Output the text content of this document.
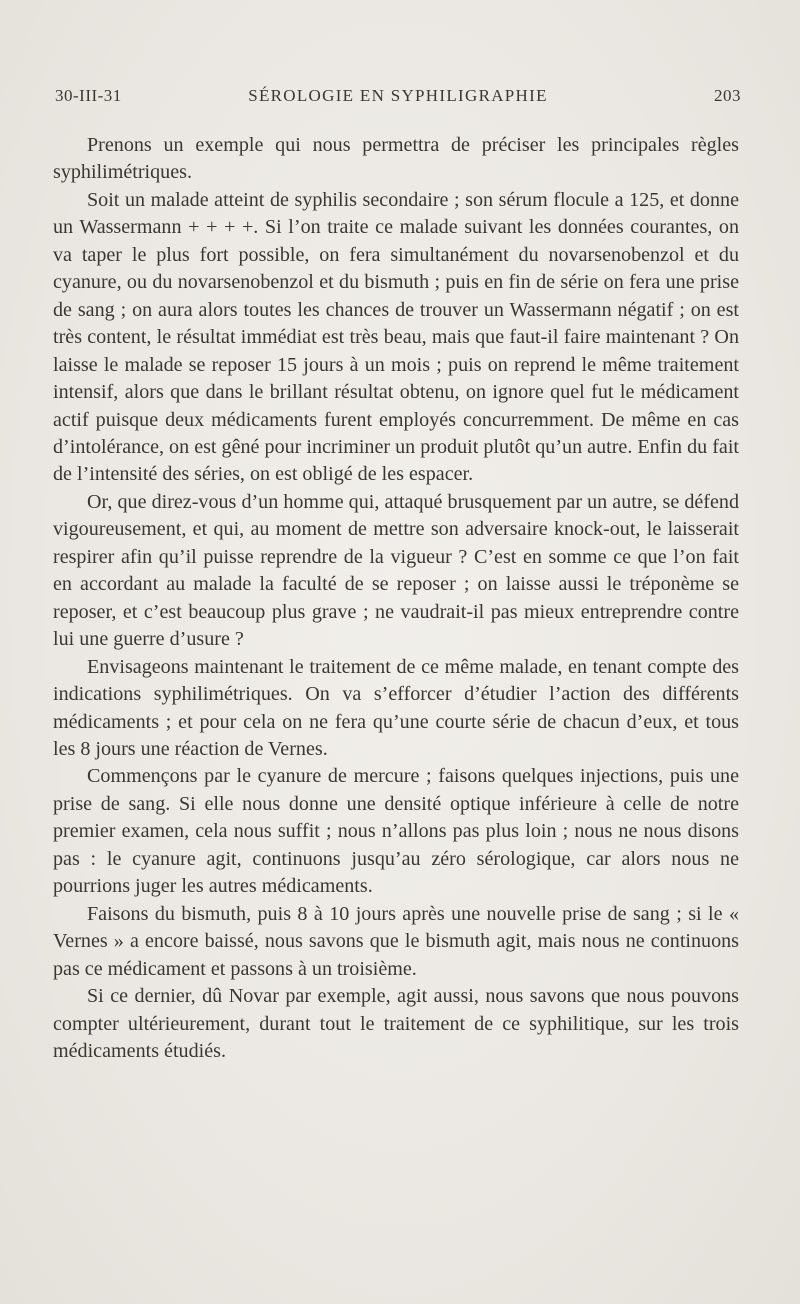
30-III-31	SÉROLOGIE EN SYPHILIGRAPHIE	203

Prenons un exemple qui nous permettra de préciser les principales règles syphilimétriques.

Soit un malade atteint de syphilis secondaire ; son sérum flocule a 125, et donne un Wassermann + + + +. Si l’on traite ce malade suivant les données courantes, on va taper le plus fort possible, on fera simultanément du novarsenobenzol et du cyanure, ou du novarsenobenzol et du bismuth ; puis en fin de série on fera une prise de sang ; on aura alors toutes les chances de trouver un Wassermann négatif ; on est très content, le résultat immédiat est très beau, mais que faut-il faire maintenant ? On laisse le malade se reposer 15 jours à un mois ; puis on reprend le même traitement intensif, alors que dans le brillant résultat obtenu, on ignore quel fut le médicament actif puisque deux médicaments furent employés concurremment. De même en cas d’intolérance, on est gêné pour incriminer un produit plutôt qu’un autre. Enfin du fait de l’intensité des séries, on est obligé de les espacer.

Or, que direz-vous d’un homme qui, attaqué brusquement par un autre, se défend vigoureusement, et qui, au moment de mettre son adversaire knock-out, le laisserait respirer afin qu’il puisse reprendre de la vigueur ? C’est en somme ce que l’on fait en accordant au malade la faculté de se reposer ; on laisse aussi le tréponème se reposer, et c’est beaucoup plus grave ; ne vaudrait-il pas mieux entreprendre contre lui une guerre d’usure ?

Envisageons maintenant le traitement de ce même malade, en tenant compte des indications syphilimétriques. On va s’efforcer d’étudier l’action des différents médicaments ; et pour cela on ne fera qu’une courte série de chacun d’eux, et tous les 8 jours une réaction de Vernes.

Commençons par le cyanure de mercure ; faisons quelques injections, puis une prise de sang. Si elle nous donne une densité optique inférieure à celle de notre premier examen, cela nous suffit ; nous n’allons pas plus loin ; nous ne nous disons pas : le cyanure agit, continuons jusqu’au zéro sérologique, car alors nous ne pourrions juger les autres médicaments.

Faisons du bismuth, puis 8 à 10 jours après une nouvelle prise de sang ; si le « Vernes » a encore baissé, nous savons que le bismuth agit, mais nous ne continuons pas ce médicament et passons à un troisième.

Si ce dernier, dû Novar par exemple, agit aussi, nous savons que nous pouvons compter ultérieurement, durant tout le traitement de ce syphilitique, sur les trois médicaments étudiés.
